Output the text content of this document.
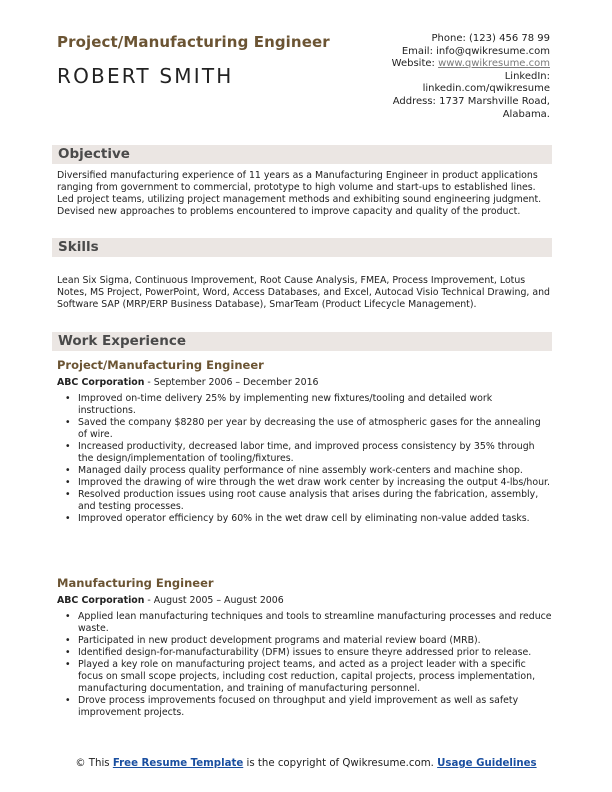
Project/Manufacturing Engineer
ROBERT SMITH
Phone: (123) 456 78 99
Email: info@qwikresume.com
Website: www.qwikresume.com
LinkedIn:
linkedin.com/qwikresume
Address: 1737 Marshville Road,
Alabama.
Objective
Diversified manufacturing experience of 11 years as a Manufacturing Engineer in product applications ranging from government to commercial, prototype to high volume and start-ups to established lines. Led project teams, utilizing project management methods and exhibiting sound engineering judgment. Devised new approaches to problems encountered to improve capacity and quality of the product.
Skills
Lean Six Sigma, Continuous Improvement, Root Cause Analysis, FMEA, Process Improvement, Lotus Notes, MS Project, PowerPoint, Word, Access Databases, and Excel, Autocad Visio Technical Drawing, and Software SAP (MRP/ERP Business Database), SmarTeam (Product Lifecycle Management).
Work Experience
Project/Manufacturing Engineer
ABC Corporation - September 2006 – December 2016
• Improved on-time delivery 25% by implementing new fixtures/tooling and detailed work instructions.
• Saved the company $8280 per year by decreasing the use of atmospheric gases for the annealing of wire.
• Increased productivity, decreased labor time, and improved process consistency by 35% through the design/implementation of tooling/fixtures.
• Managed daily process quality performance of nine assembly work-centers and machine shop.
• Improved the drawing of wire through the wet draw work center by increasing the output 4-lbs/hour.
• Resolved production issues using root cause analysis that arises during the fabrication, assembly, and testing processes.
• Improved operator efficiency by 60% in the wet draw cell by eliminating non-value added tasks.
Manufacturing Engineer
ABC Corporation - August 2005 – August 2006
• Applied lean manufacturing techniques and tools to streamline manufacturing processes and reduce waste.
• Participated in new product development programs and material review board (MRB).
• Identified design-for-manufacturability (DFM) issues to ensure theyre addressed prior to release.
• Played a key role on manufacturing project teams, and acted as a project leader with a specific focus on small scope projects, including cost reduction, capital projects, process implementation, manufacturing documentation, and training of manufacturing personnel.
• Drove process improvements focused on throughput and yield improvement as well as safety improvement projects.
© This Free Resume Template is the copyright of Qwikresume.com. Usage Guidelines
